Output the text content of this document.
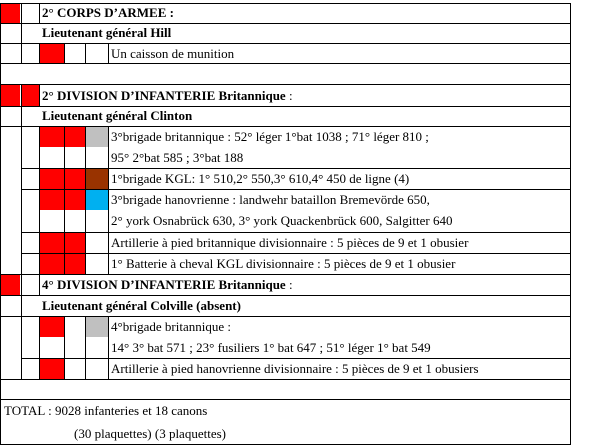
2° CORPS D’ARMEE :
Lieutenant général Hill
Un caisson de munition
2° DIVISION D’INFANTERIE Britannique :
Lieutenant général Clinton
3°brigade britannique : 52° léger 1°bat 1038 ; 71° léger 810 ;
95° 2°bat 585 ; 3°bat 188
1°brigade KGL: 1° 510,2° 550,3° 610,4° 450 de ligne (4)
3°brigade hanovrienne : landwehr bataillon Bremevörde 650,
2° york Osnabrück 630, 3° york Quackenbrück 600, Salgitter 640
Artillerie à pied britannique divisionnaire : 5 pièces de 9 et 1 obusier
1° Batterie à cheval KGL divisionnaire : 5 pièces de 9 et 1 obusier
4° DIVISION D’INFANTERIE Britannique :
Lieutenant général Colville (absent)
4°brigade britannique :
14° 3° bat 571 ; 23° fusiliers 1° bat 647 ; 51° léger 1° bat 549
Artillerie à pied hanovrienne divisionnaire : 5 pièces de 9 et 1 obusiers
TOTAL : 9028 infanteries et 18 canons
(30 plaquettes) (3 plaquettes)
